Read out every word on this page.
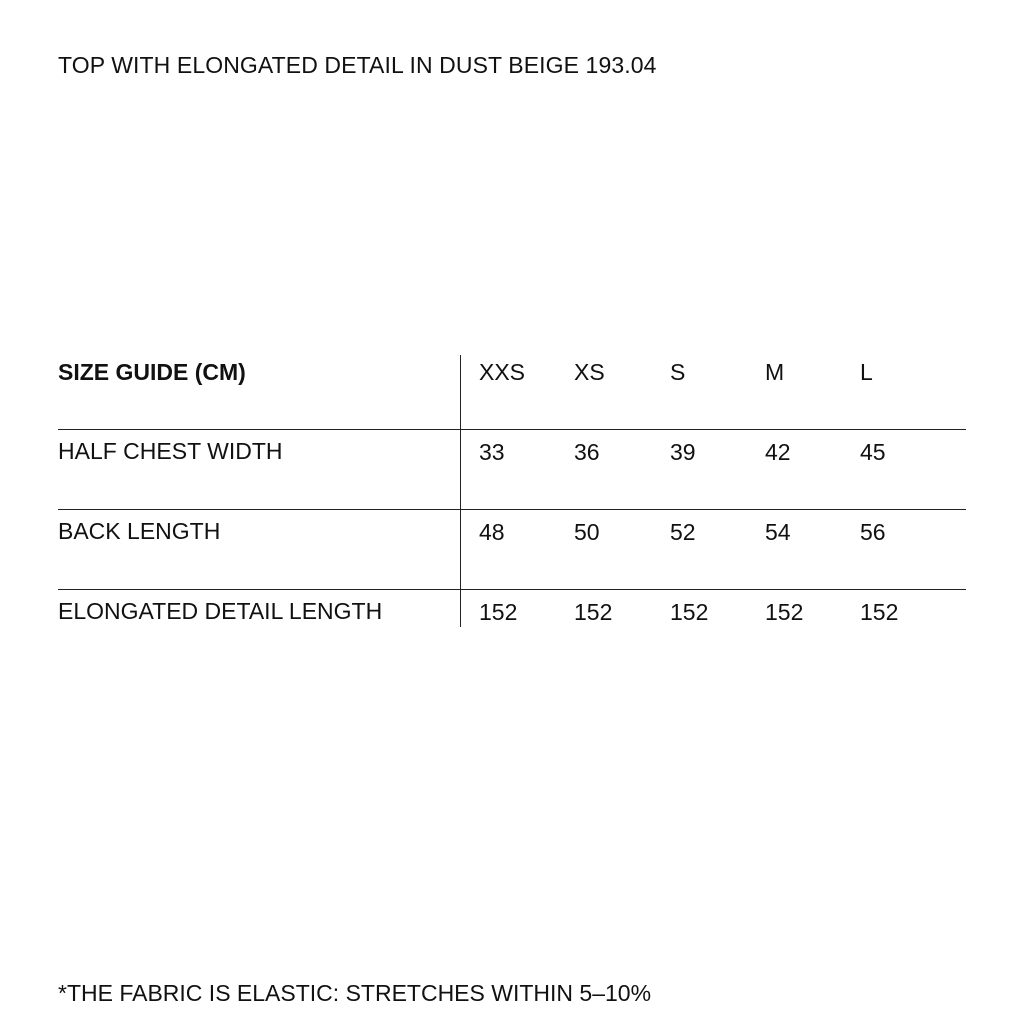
TOP WITH ELONGATED DETAIL IN DUST BEIGE 193.04
SIZE GUIDE (CM)	XXS XS	S	M	L
HALF CHEST WIDTH	33	36	39	42	45
BACK LENGTH	48	50	52	54	56
ELONGATED DETAIL LENGTH	152 152	152 152 152
*THE FABRIC IS ELASTIC: STRETCHES WITHIN 5–10%
